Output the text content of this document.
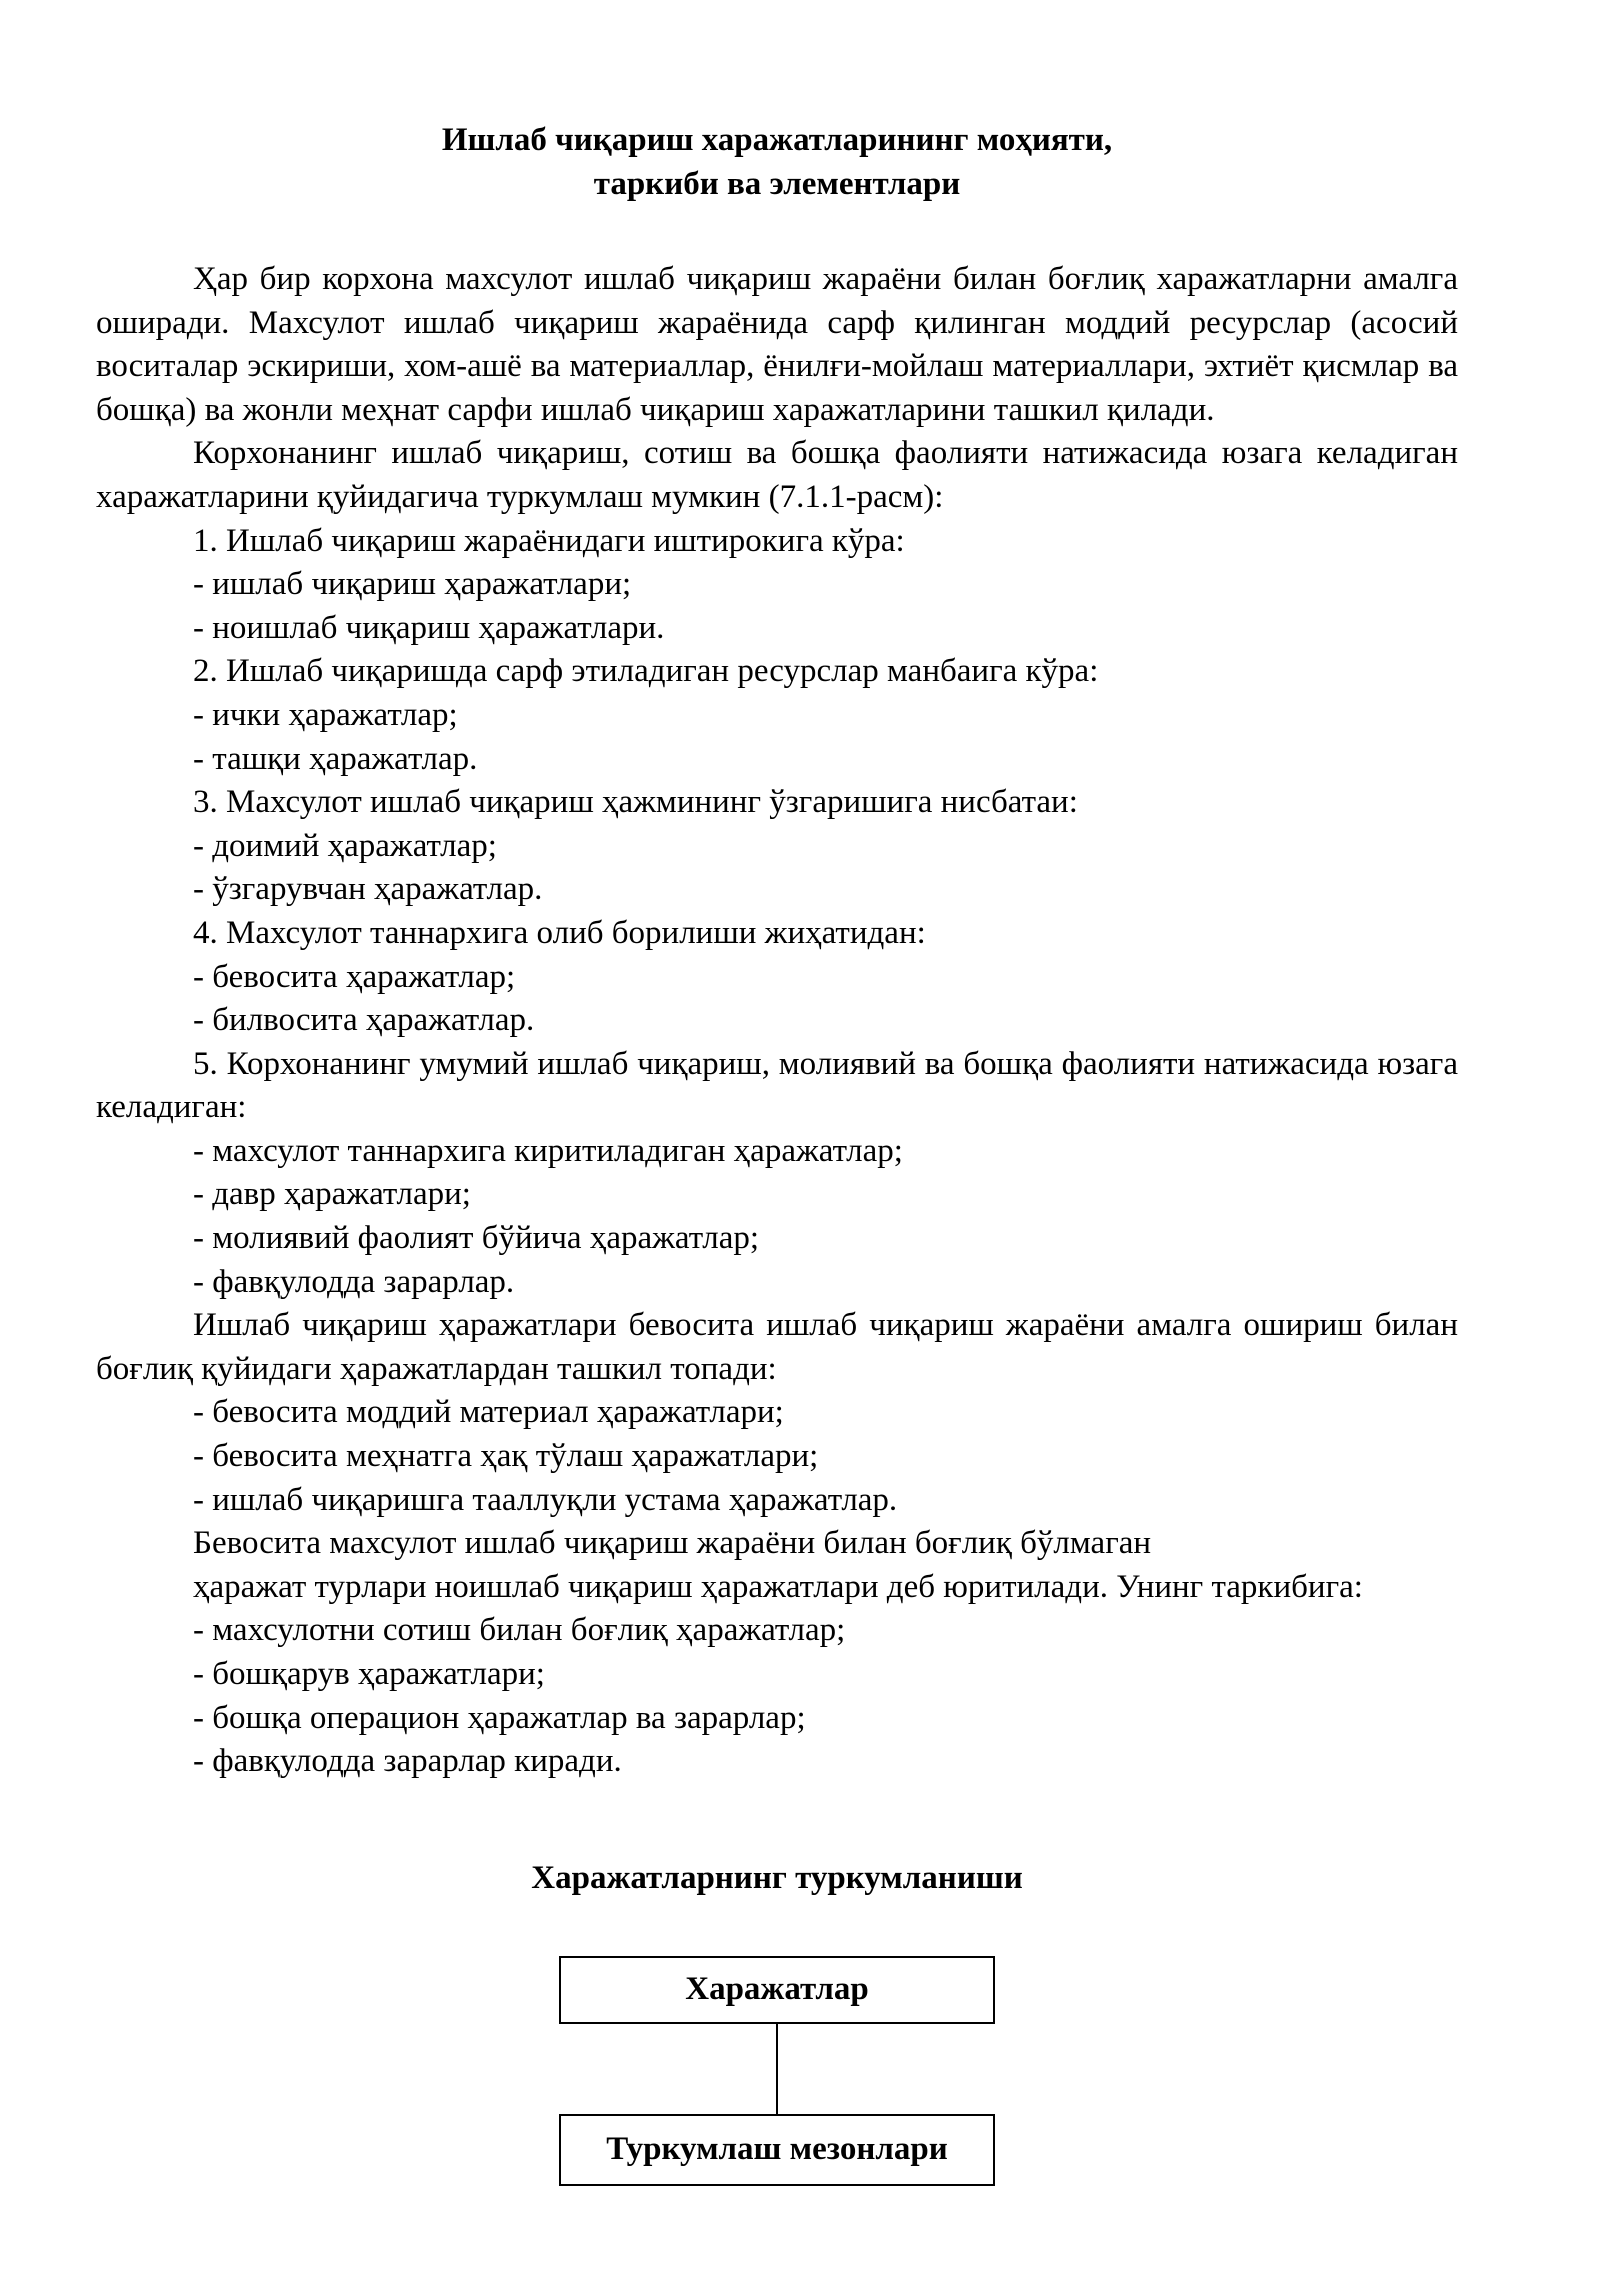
Ишлаб чиқариш харажатларининг моҳияти,
таркиби ва элементлари

Ҳар бир корхона махсулот ишлаб чиқариш жараёни билан боғлиқ харажатларни амалга оширади. Махсулот ишлаб чиқариш жараёнида сарф қилинган моддий ресурслар (асосий воситалар эскириши, хом-ашё ва материаллар, ёнилғи-мойлаш материаллари, эхтиёт қисмлар ва бошқа) ва жонли меҳнат сарфи ишлаб чиқариш харажатларини ташкил қилади.

Корхонанинг ишлаб чиқариш, сотиш ва бошқа фаолияти натижасида юзага келадиган харажатларини қуйидагича туркумлаш мумкин (7.1.1-расм):

1. Ишлаб чиқариш жараёнидаги иштирокига кўра:

- ишлаб чиқариш ҳаражатлари;

- ноишлаб чиқариш ҳаражатлари.

2. Ишлаб чиқаришда сарф этиладиган ресурслар манбаига кўра:

- ички ҳаражатлар;

- ташқи ҳаражатлар.

3. Махсулот ишлаб чиқариш ҳажмининг ўзгаришига нисбатаи:

- доимий ҳаражатлар;

- ўзгарувчан ҳаражатлар.

4. Махсулот таннархига олиб борилиши жиҳатидан:

- бевосита ҳаражатлар;

- билвосита ҳаражатлар.

5. Корхонанинг умумий ишлаб чиқариш, молиявий ва бошқа фаолияти натижасида юзага келадиган:

- махсулот таннархига киритиладиган ҳаражатлар;

- давр ҳаражатлари;

- молиявий фаолият бўйича ҳаражатлар;

- фавқулодда зарарлар.

Ишлаб чиқариш ҳаражатлари бевосита ишлаб чиқариш жараёни амалга ошириш билан боғлиқ қуйидаги ҳаражатлардан ташкил топади:

- бевосита моддий материал ҳаражатлари;

- бевосита меҳнатга ҳақ тўлаш ҳаражатлари;

- ишлаб чиқаришга тааллуқли устама ҳаражатлар.

Бевосита махсулот ишлаб чиқариш жараёни билан боғлиқ бўлмаган

ҳаражат турлари ноишлаб чиқариш ҳаражатлари деб юритилади. Унинг таркибига:

- махсулотни сотиш билан боғлиқ ҳаражатлар;

- бошқарув ҳаражатлари;

- бошқа операцион ҳаражатлар ва зарарлар;

- фавқулодда зарарлар киради.

Харажатларнинг туркумланиши
Харажатлар
Туркумлаш мезонлари
